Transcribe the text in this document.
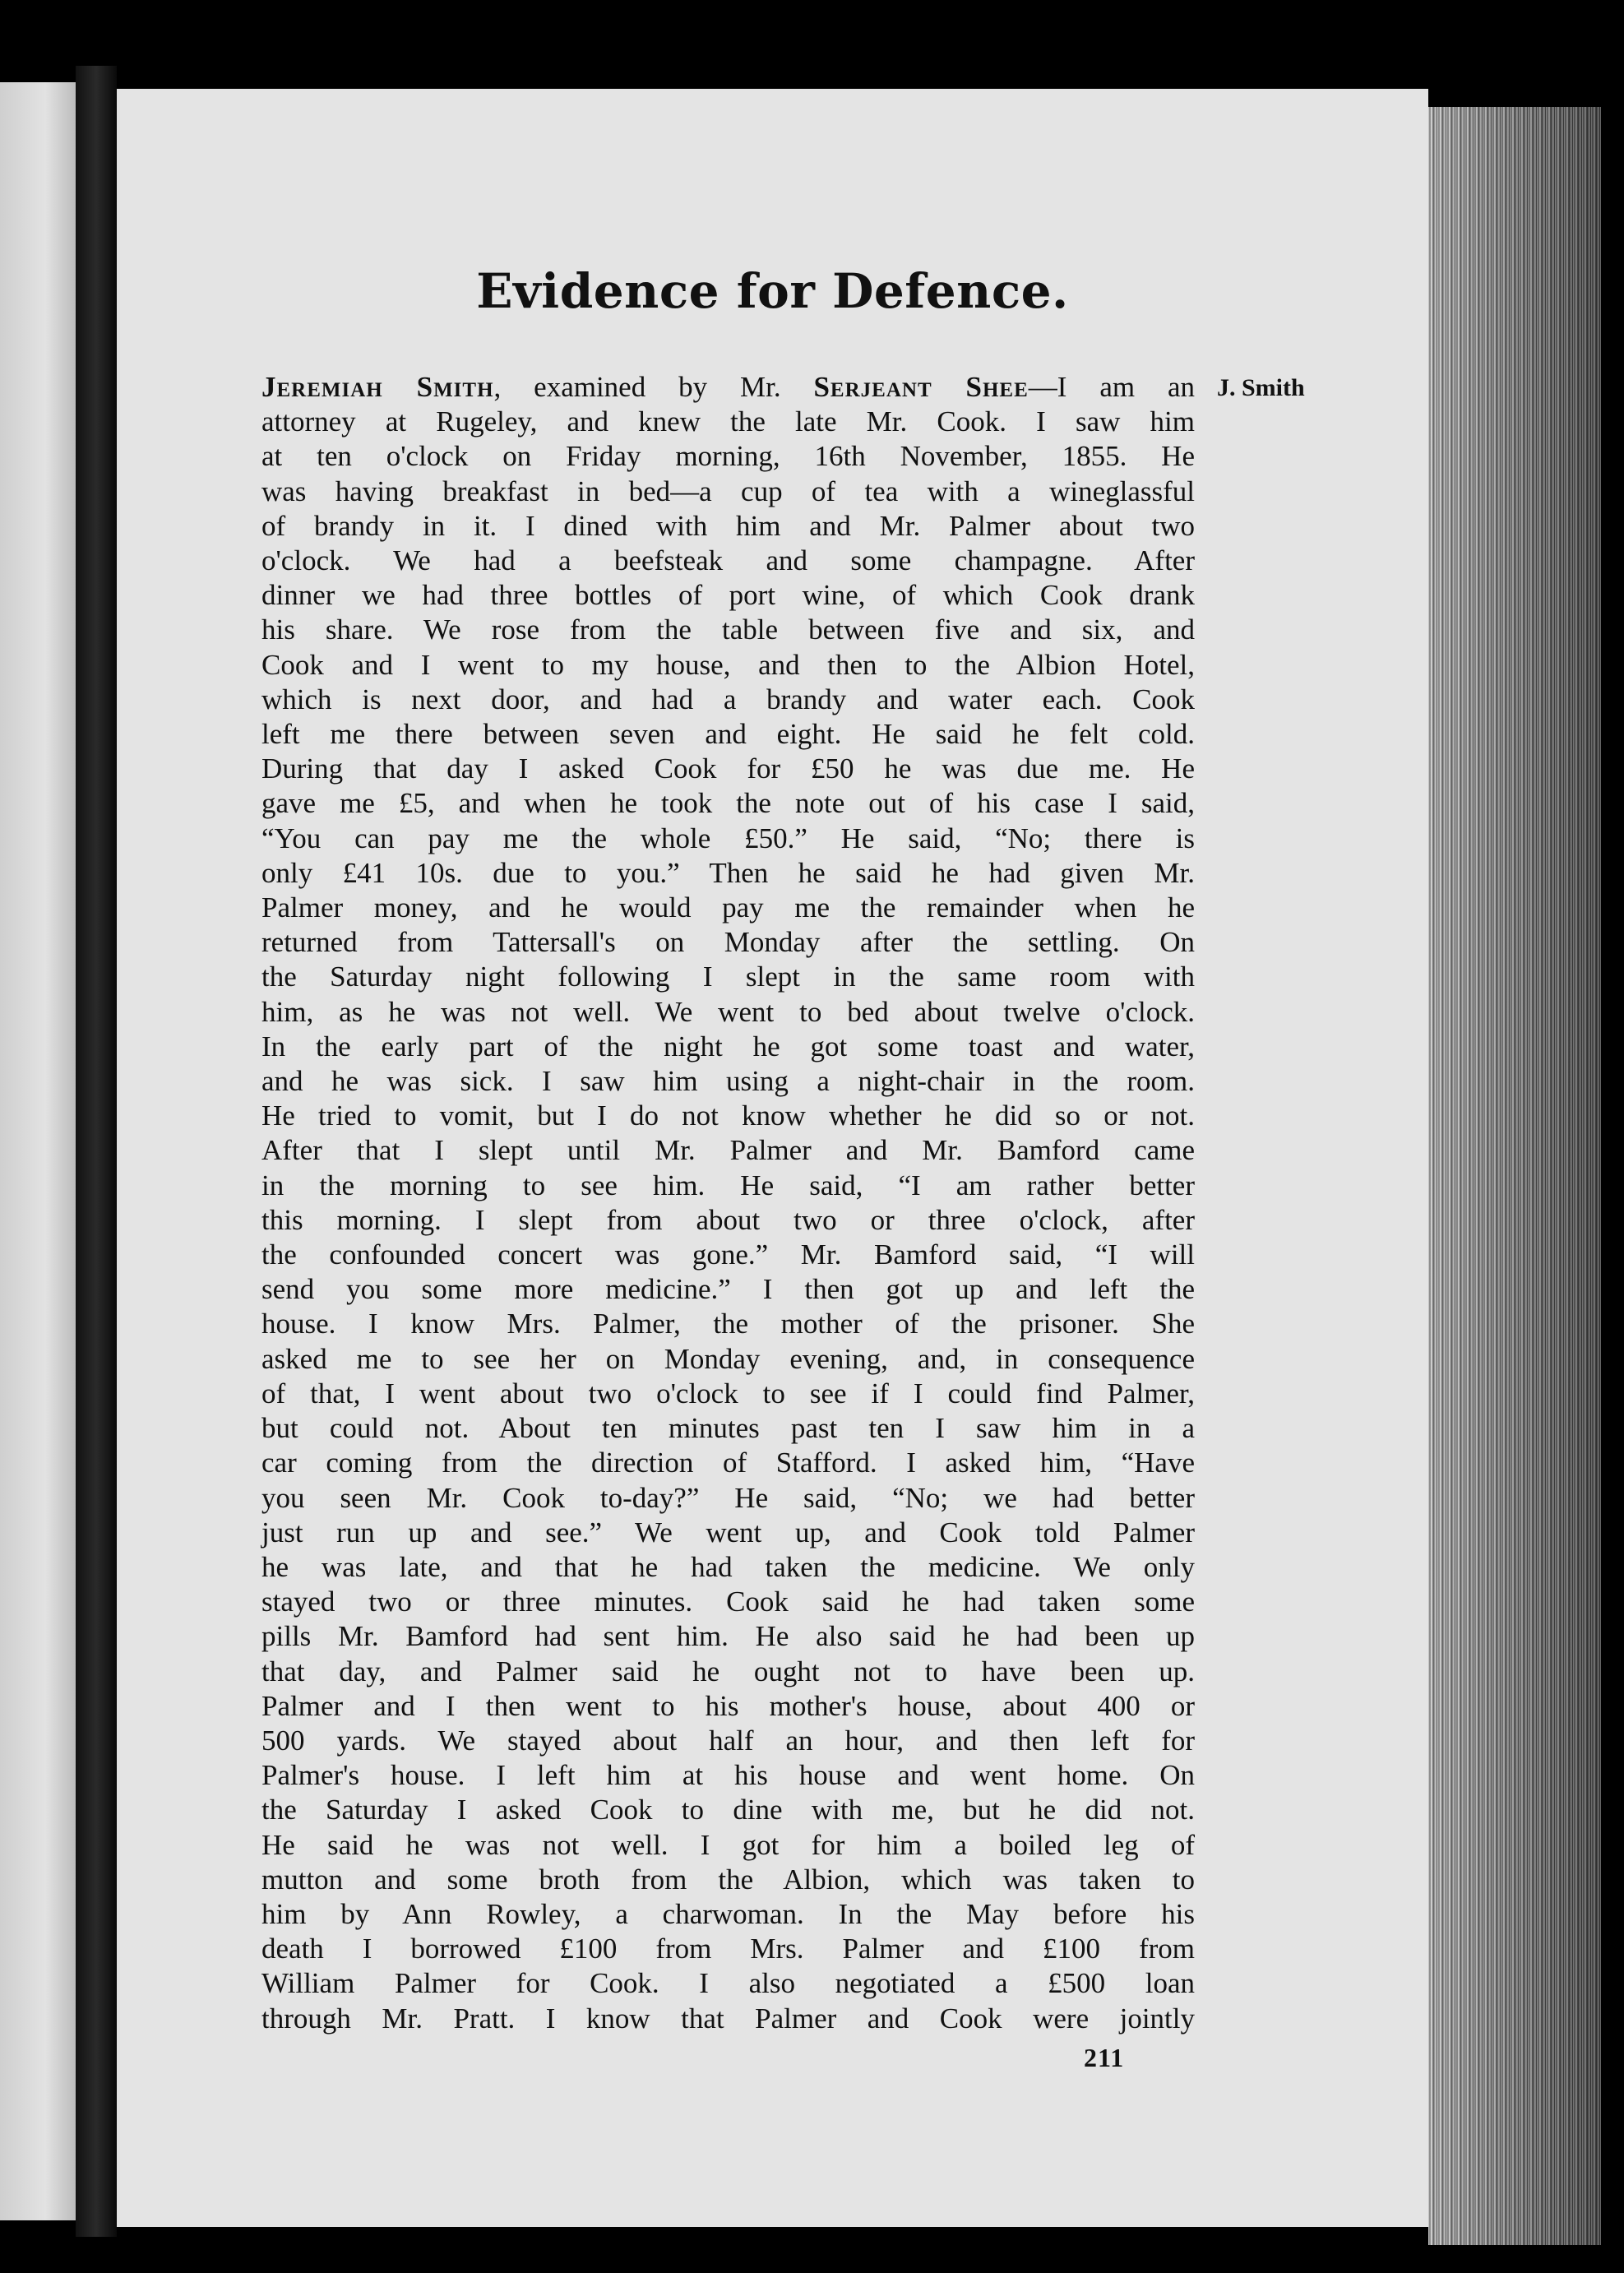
Evidence for Defence.
J. Smith
Jeremiah Smith, examined by Mr. Serjeant Shee—I am an
attorney at Rugeley, and knew the late Mr. Cook. I saw him
at ten o'clock on Friday morning, 16th November, 1855. He
was having breakfast in bed—a cup of tea with a wineglassful
of brandy in it. I dined with him and Mr. Palmer about two
o'clock. We had a beefsteak and some champagne. After
dinner we had three bottles of port wine, of which Cook drank
his share. We rose from the table between five and six, and
Cook and I went to my house, and then to the Albion Hotel,
which is next door, and had a brandy and water each. Cook
left me there between seven and eight. He said he felt cold.
During that day I asked Cook for £50 he was due me. He
gave me £5, and when he took the note out of his case I said,
“You can pay me the whole £50.” He said, “No; there is
only £41 10s. due to you.” Then he said he had given Mr.
Palmer money, and he would pay me the remainder when he
returned from Tattersall's on Monday after the settling. On
the Saturday night following I slept in the same room with
him, as he was not well. We went to bed about twelve o'clock.
In the early part of the night he got some toast and water,
and he was sick. I saw him using a night-chair in the room.
He tried to vomit, but I do not know whether he did so or not.
After that I slept until Mr. Palmer and Mr. Bamford came
in the morning to see him. He said, “I am rather better
this morning. I slept from about two or three o'clock, after
the confounded concert was gone.” Mr. Bamford said, “I will
send you some more medicine.” I then got up and left the
house. I know Mrs. Palmer, the mother of the prisoner. She
asked me to see her on Monday evening, and, in consequence
of that, I went about two o'clock to see if I could find Palmer,
but could not. About ten minutes past ten I saw him in a
car coming from the direction of Stafford. I asked him, “Have
you seen Mr. Cook to-day?” He said, “No; we had better
just run up and see.” We went up, and Cook told Palmer
he was late, and that he had taken the medicine. We only
stayed two or three minutes. Cook said he had taken some
pills Mr. Bamford had sent him. He also said he had been up
that day, and Palmer said he ought not to have been up.
Palmer and I then went to his mother's house, about 400 or
500 yards. We stayed about half an hour, and then left for
Palmer's house. I left him at his house and went home. On
the Saturday I asked Cook to dine with me, but he did not.
He said he was not well. I got for him a boiled leg of
mutton and some broth from the Albion, which was taken to
him by Ann Rowley, a charwoman. In the May before his
death I borrowed £100 from Mrs. Palmer and £100 from
William Palmer for Cook. I also negotiated a £500 loan
through Mr. Pratt. I know that Palmer and Cook were jointly
211
